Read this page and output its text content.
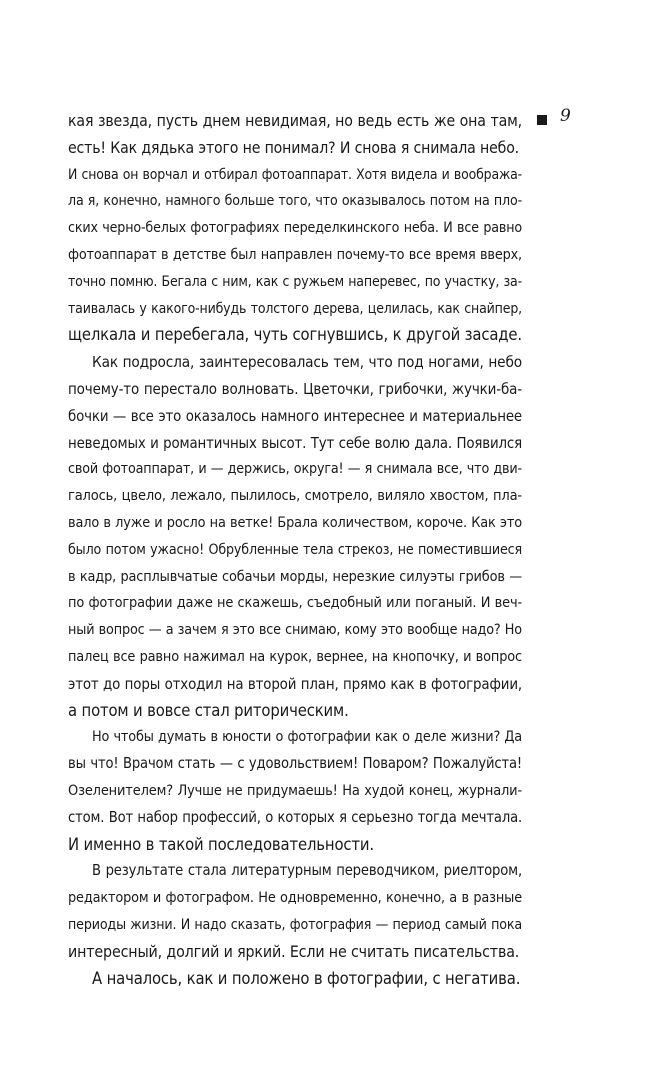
9
кая звезда, пусть днем невидимая, но ведь есть же она там,
есть! Как дядька этого не понимал? И снова я снимала небо.
И снова он ворчал и отбирал фотоаппарат. Хотя видела и вообража-
ла я, конечно, намного больше того, что оказывалось потом на пло-
ских черно-белых фотографиях переделкинского неба. И все равно
фотоаппарат в детстве был направлен почему-то все время вверх,
точно помню. Бегала с ним, как с ружьем наперевес, по участку, за-
таивалась у какого-нибудь толстого дерева, целилась, как снайпер,
щелкала и перебегала, чуть согнувшись, к другой засаде.
Как подросла, заинтересовалась тем, что под ногами, небо
почему-то перестало волновать. Цветочки, грибочки, жучки-ба-
бочки — все это оказалось намного интереснее и материальнее
неведомых и романтичных высот. Тут себе волю дала. Появился
свой фотоаппарат, и — держись, округа! — я снимала все, что дви-
галось, цвело, лежало, пылилось, смотрело, виляло хвостом, пла-
вало в луже и росло на ветке! Брала количеством, короче. Как это
было потом ужасно! Обрубленные тела стрекоз, не поместившиеся
в кадр, расплывчатые собачьи морды, нерезкие силуэты грибов —
по фотографии даже не скажешь, съедобный или поганый. И веч-
ный вопрос — а зачем я это все снимаю, кому это вообще надо? Но
палец все равно нажимал на курок, вернее, на кнопочку, и вопрос
этот до поры отходил на второй план, прямо как в фотографии,
а потом и вовсе стал риторическим.
Но чтобы думать в юности о фотографии как о деле жизни? Да
вы что! Врачом стать — с удовольствием! Поваром? Пожалуйста!
Озеленителем? Лучше не придумаешь! На худой конец, журнали-
стом. Вот набор профессий, о которых я серьезно тогда мечтала.
И именно в такой последовательности.
В результате стала литературным переводчиком, риелтором,
редактором и фотографом. Не одновременно, конечно, а в разные
периоды жизни. И надо сказать, фотография — период самый пока
интересный, долгий и яркий. Если не считать писательства.
А началось, как и положено в фотографии, с негатива.
